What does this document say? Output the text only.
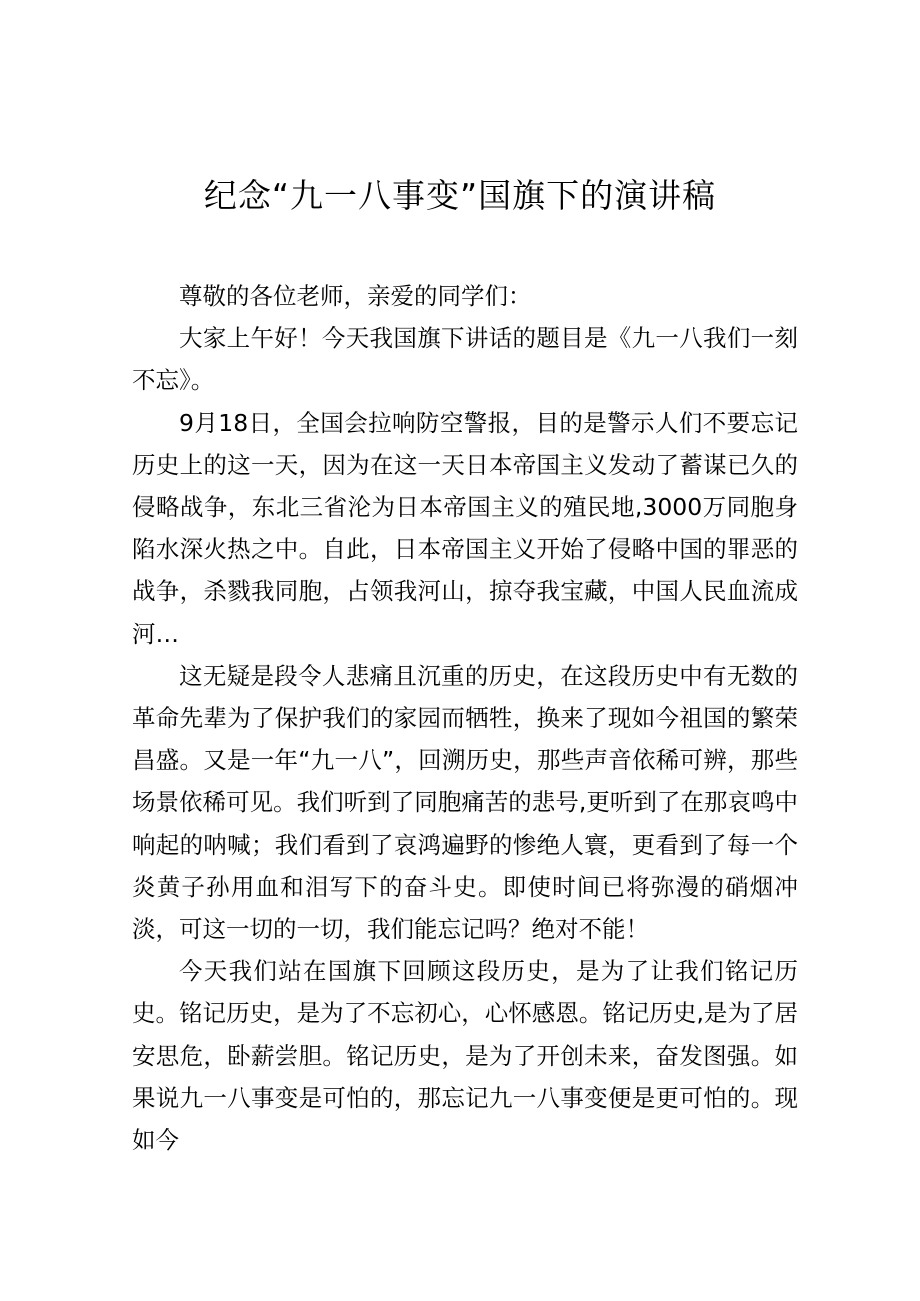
纪念“九一八事变”国旗下的演讲稿

尊敬的各位老师，亲爱的同学们：

大家上午好！今天我国旗下讲话的题目是《九一八我们一刻不忘》。

9月18日，全国会拉响防空警报，目的是警示人们不要忘记历史上的这一天，因为在这一天日本帝国主义发动了蓄谋已久的侵略战争，东北三省沦为日本帝国主义的殖民地,3000万同胞身陷水深火热之中。自此，日本帝国主义开始了侵略中国的罪恶的战争，杀戮我同胞，占领我河山，掠夺我宝藏，中国人民血流成河…

这无疑是段令人悲痛且沉重的历史，在这段历史中有无数的革命先辈为了保护我们的家园而牺牲，换来了现如今祖国的繁荣昌盛。又是一年“九一八”，回溯历史，那些声音依稀可辨，那些场景依稀可见。我们听到了同胞痛苦的悲号,更听到了在那哀鸣中响起的呐喊；我们看到了哀鸿遍野的惨绝人寰，更看到了每一个炎黄子孙用血和泪写下的奋斗史。即使时间已将弥漫的硝烟冲淡，可这一切的一切，我们能忘记吗？绝对不能！

今天我们站在国旗下回顾这段历史，是为了让我们铭记历史。铭记历史，是为了不忘初心，心怀感恩。铭记历史,是为了居安思危，卧薪尝胆。铭记历史，是为了开创未来，奋发图强。如果说九一八事变是可怕的，那忘记九一八事变便是更可怕的。现如今
